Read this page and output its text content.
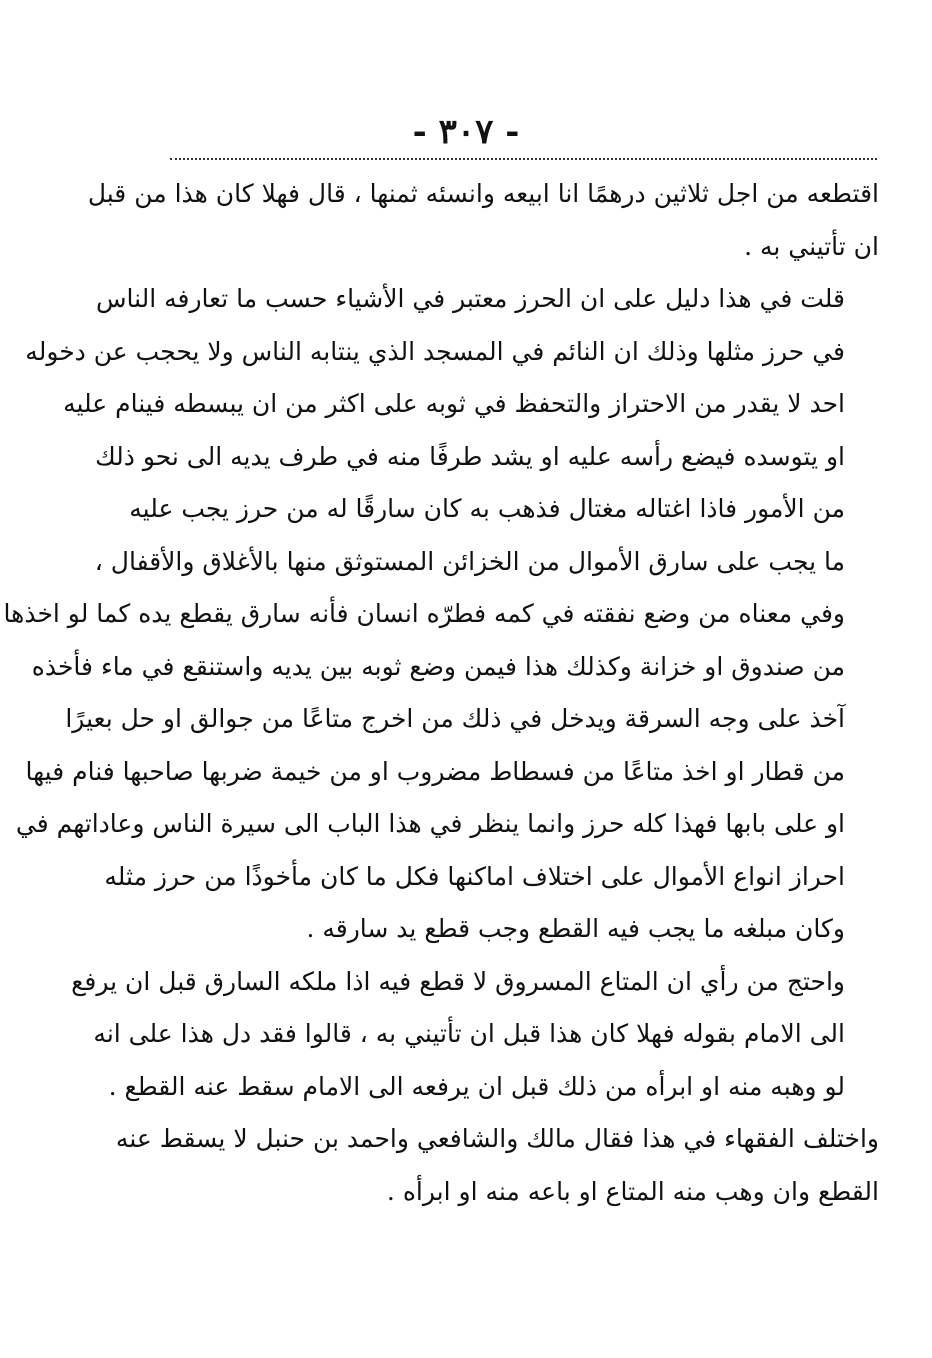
- ٣٠٧ -

اقتطعه من اجل ثلاثين درهمًا انا ابيعه وانسئه ثمنها ، قال فهلا كان هذا من قبل
ان تأتيني به .

قلت في هذا دليل على ان الحرز معتبر في الأشياء حسب ما تعارفه الناس
في حرز مثلها وذلك ان النائم في المسجد الذي ينتابه الناس ولا يحجب عن دخوله
احد لا يقدر من الاحتراز والتحفظ في ثوبه على اكثر من ان يبسطه فينام عليه
او يتوسده فيضع رأسه عليه او يشد طرفًا منه في طرف يديه الى نحو ذلك
من الأمور فاذا اغتاله مغتال فذهب به كان سارقًا له من حرز يجب عليه
ما يجب على سارق الأموال من الخزائن المستوثق منها بالأغلاق والأقفال ،
وفي معناه من وضع نفقته في كمه فطرّه انسان فأنه سارق يقطع يده كما لو اخذها
من صندوق او خزانة وكذلك هذا فيمن وضع ثوبه بين يديه واستنقع في ماء فأخذه
آخذ على وجه السرقة ويدخل في ذلك من اخرج متاعًا من جوالق او حل بعيرًا
من قطار او اخذ متاعًا من فسطاط مضروب او من خيمة ضربها صاحبها فنام فيها
او على بابها فهذا كله حرز وانما ينظر في هذا الباب الى سيرة الناس وعاداتهم في
احراز انواع الأموال على اختلاف اماكنها فكل ما كان مأخوذًا من حرز مثله
وكان مبلغه ما يجب فيه القطع وجب قطع يد سارقه .

واحتج من رأي ان المتاع المسروق لا قطع فيه اذا ملكه السارق قبل ان يرفع
الى الامام بقوله فهلا كان هذا قبل ان تأتيني به ، قالوا فقد دل هذا على انه
لو وهبه منه او ابرأه من ذلك قبل ان يرفعه الى الامام سقط عنه القطع .

واختلف الفقهاء في هذا فقال مالك والشافعي واحمد بن حنبل لا يسقط عنه
القطع وان وهب منه المتاع او باعه منه او ابرأه .
